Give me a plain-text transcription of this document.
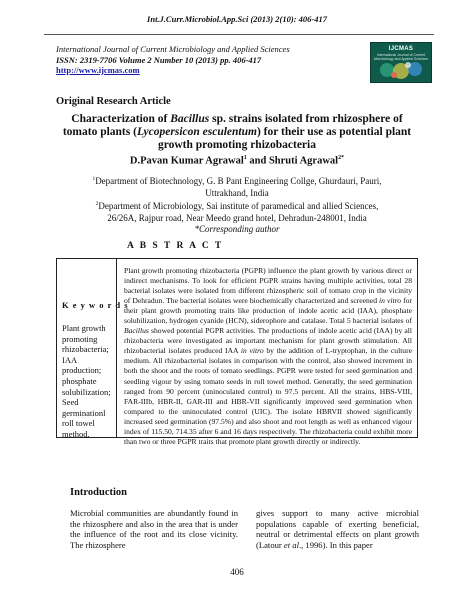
Int.J.Curr.Microbiol.App.Sci (2013) 2(10): 406-417
International Journal of Current Microbiology and Applied Sciences
ISSN: 2319-7706 Volume 2 Number 10 (2013) pp. 406-417
http://www.ijcmas.com
IJCMAS
International Journal of Current Microbiology and Applied Sciences
Original Research Article
Characterization of Bacillus sp. strains isolated from rhizosphere of tomato plants (Lycopersicon esculentum) for their use as potential plant growth promoting rhizobacteria
D.Pavan Kumar Agrawal$^1$ and Shruti Agrawal$^{2*}$
$^1$Department of Biotechnology, G. B Pant Engineering Collge, Ghurdauri, Pauri,
Uttrakhand, India
$^2$Department of Microbiology, Sai institute of paramedical and allied Sciences,
26/26A, Rajpur road, Near Meedo grand hotel, Dehradun-248001, India
*Corresponding author
A B S T R A C T
K e y w o r d s
Plant growth
promoting
rhizobacteria;
IAA
production;
phosphate
solubilization;
Seed
germinationl
roll towel
method.
Plant growth promoting rhizobacteria (PGPR) influence the plant growth by various direct or indirect mechanisms. To look for efficient PGPR strains having multiple activities, total 28 bacterial isolates were isolated from different rhizospheric soil of tomato crop in the vicinity of Dehradun. The bacterial isolates were biochemically characterized and screened in vitro for their plant growth promoting traits like production of indole acetic acid (IAA), phosphate solubilization, hydrogen cyanide (HCN), siderophore and catalase. Total 5 bacterial isolates of Bacillus showed potential PGPR activities. The productions of indole acetic acid (IAA) by all rhizobacteria were investigated as important mechanism for plant growth stimulation. All rhizobacterial isolates produced IAA in vitro by the addition of L-tryptophan, in the culture medium. All rhizobacterial isolates in comparison with the control, also showed increment in both the shoot and the roots of tomato seedlings. PGPR were tested for seed germination and seedling vigour by using tomato seeds in roll towel method. Generally, the seed germination ranged from 90 percent (uninoculated control) to 97.5 percent. All the strains, HBS-VIII, FAR-IIIb, HBR-II, GAR-III and HBR-VII significantly improved seed germination when compared to the uninoculated control (UIC). The isolate HBRVII showed significantly increased seed germination (97.5%) and also shoot and root length as well as enhanced vigour index of 115.50, 714.35 after 6 and 16 days respectively. The rhizobacteria could exhibit more than two or three PGPR traits that promote plant growth directly or indirectly.
Introduction
Microbial communities are abundantly found in the rhizosphere and also in the area that is under the influence of the root and its close vicinity. The rhizosphere
gives support to many active microbial populations capable of exerting beneficial, neutral or detrimental effects on plant growth (Latour et al., 1996). In this paper
406
